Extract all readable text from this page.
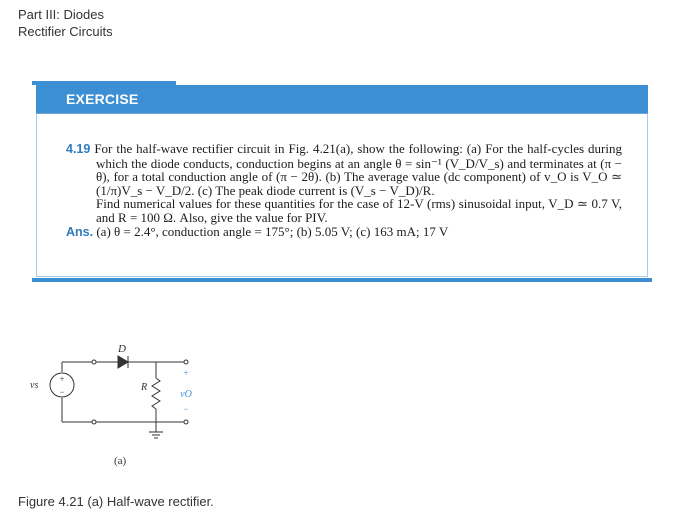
Part III: Diodes
Rectifier Circuits
EXERCISE

4.19 For the half-wave rectifier circuit in Fig. 4.21(a), show the following: (a) For the half-cycles during which the diode conducts, conduction begins at an angle θ = sin⁻¹ (V_D/V_s) and terminates at (π − θ), for a total conduction angle of (π − 2θ). (b) The average value (dc component) of v_O is V_O ≃ (1/π)V_s − V_D/2. (c) The peak diode current is (V_s − V_D)/R.
Find numerical values for these quantities for the case of 12-V (rms) sinusoidal input, V_D ≃ 0.7 V, and R = 100 Ω. Also, give the value for PIV.

Ans. (a) θ = 2.4°, conduction angle = 175°; (b) 5.05 V; (c) 163 mA; 17 V

+
−
vs
D
R
+
vO
−
(a)
Figure 4.21 (a) Half-wave rectifier.
